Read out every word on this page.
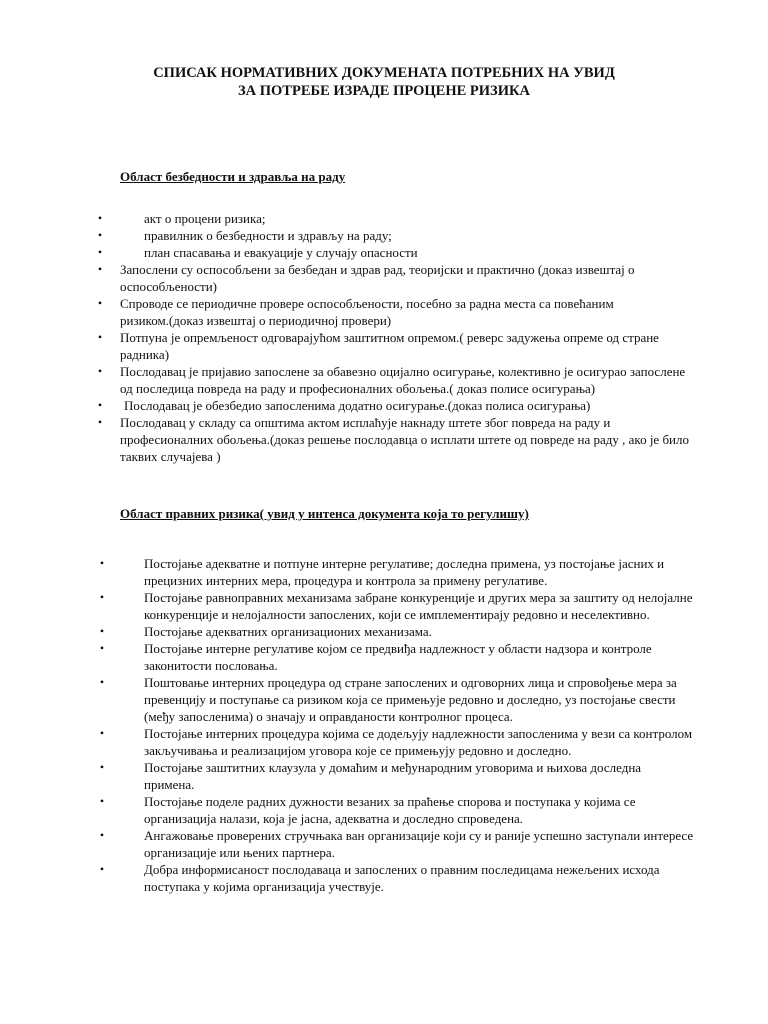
СПИСАК НОРМАТИВНИХ ДОКУМЕНАТА ПОТРЕБНИХ НА УВИД
ЗА ПОТРЕБЕ ИЗРАДЕ ПРОЦЕНЕ РИЗИКА
Област безбедности и здравља на раду
•	акт о процени ризика;
•	правилник о безбедности и здрављу на раду;
•	план спасавања и евакуације у случају опасности
• Запослени су оспособљени за безбедан и здрав рад, теоријски и практично (доказ извештај о
оспособљености)
• Спроводе се периодичне провере оспособљености, посебно за радна места са повећаним
ризиком.(доказ извештај о периодичној провери)
• Потпуна је опремљеност одговарајућом заштитном опремом.( реверс задужења опреме од стране
радника)
• Послодавац је пријавио запослене за обавезно оцијално осигурање, колективно је осигурао запослене
од последица повреда на раду и професионалних обољења.( доказ полисе осигурања)
•	Послодавац је обезбедио запосленима додатно осигурање.(доказ полиса осигурања)
• Послодавац у складу са општима актом исплаћује накнаду штете због повреда на раду и
професионалних обољења.(доказ решење послодавца о исплати штете од повреде на раду , ако је било
таквих случајева )
Област правних ризика( увид у интенса документа која то регулишу)
•	Постојање адекватне и потпуне интерне регулативе; доследна примена, уз постојање јасних и
прецизних интерних мера, процедура и контрола за примену регулативе.
•	Постојање равноправних механизама забране конкуренције и других мера за заштиту од нелојалне
конкуренције и нелојалности запослених, који се имплементирају редовно и неселективно.
•	Постојање адекватних организационих механизама.
•	Постојање интерне регулативе којом се предвиђа надлежност у области надзора и контроле
законитости пословања.
•	Поштовање интерних процедура од стране запослених и одговорних лица и спровођење мера за
превенцију и поступање са ризиком која се примењује редовно и доследно, уз постојање свести
(међу запосленима) о значају и оправданости контролног процеса.
•	Постојање интерних процедура којима се додељују надлежности запосленима у вези са контролом
закључивања и реализацијом уговора које се примењују редовно и доследно.
•	Постојање заштитних клаузула у домаћим и међународним уговорима и њихова доследна
примена.
•	Постојање поделе радних дужности везаних за праћење спорова и поступака у којима се
организација налази, која је јасна, адекватна и доследно спроведена.
•	Ангажовање проверених стручњака ван организације који су и раније успешно заступали интересе
организације или њених партнера.
•	Добра информисаност послодаваца и запослених о правним последицама нежељених исхода
поступака у којима организација учествује.
